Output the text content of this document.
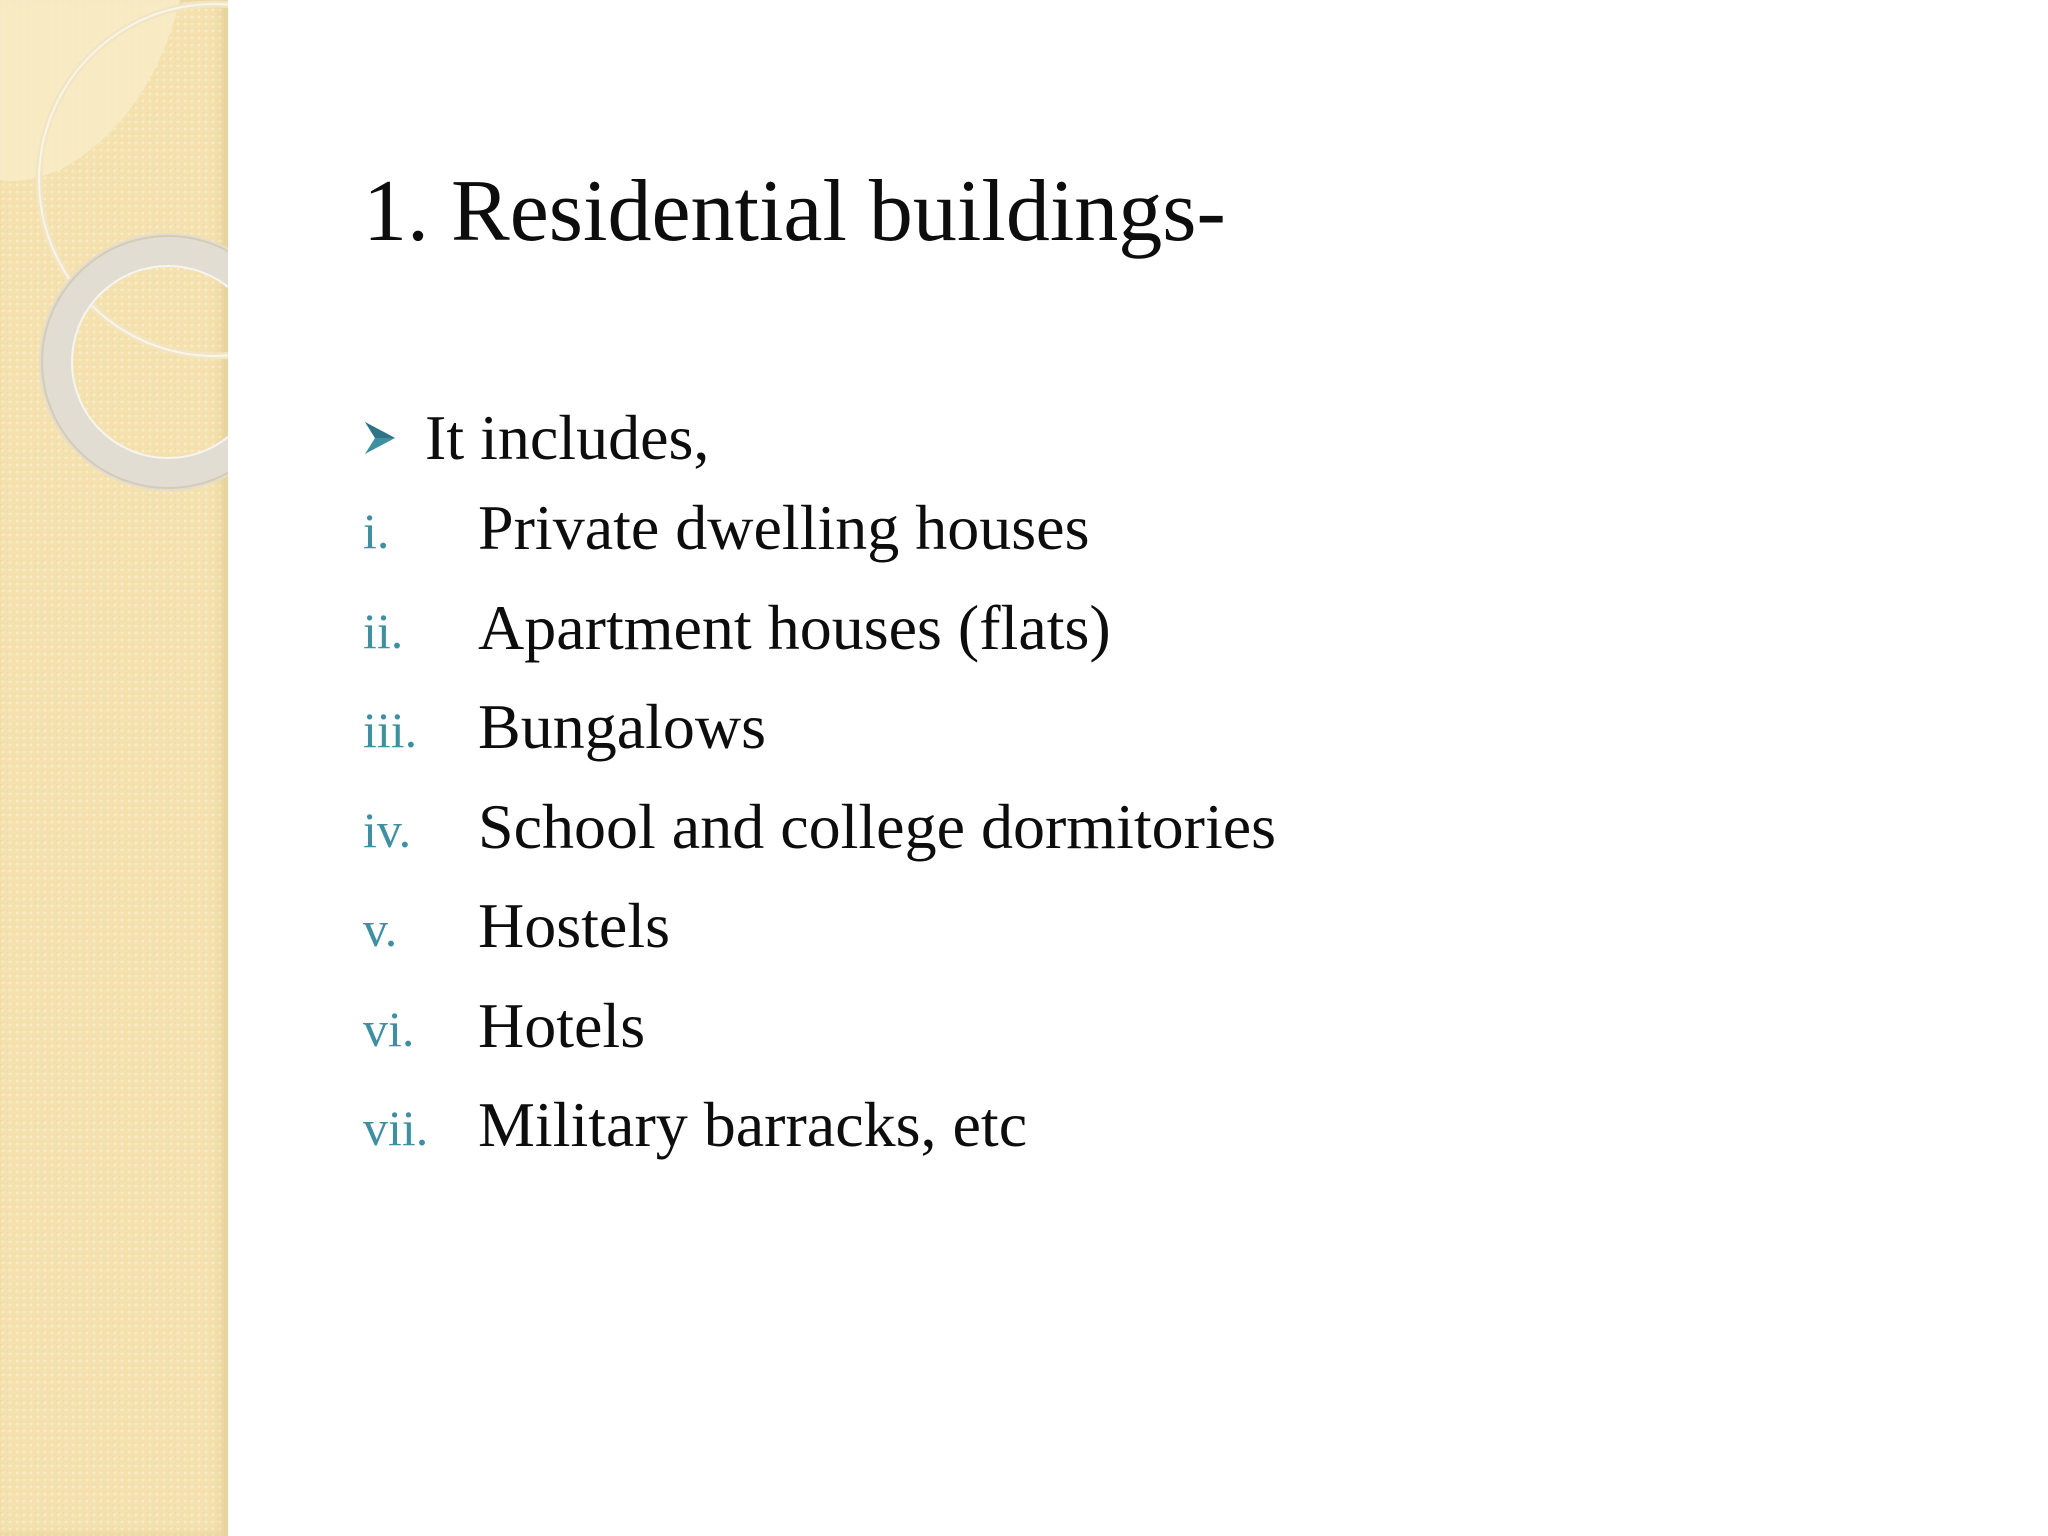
1. Residential buildings-
It includes,
i. Private dwelling houses
ii. Apartment houses (flats)
iii. Bungalows
iv. School and college dormitories
v. Hostels
vi. Hotels
vii. Military barracks, etc
